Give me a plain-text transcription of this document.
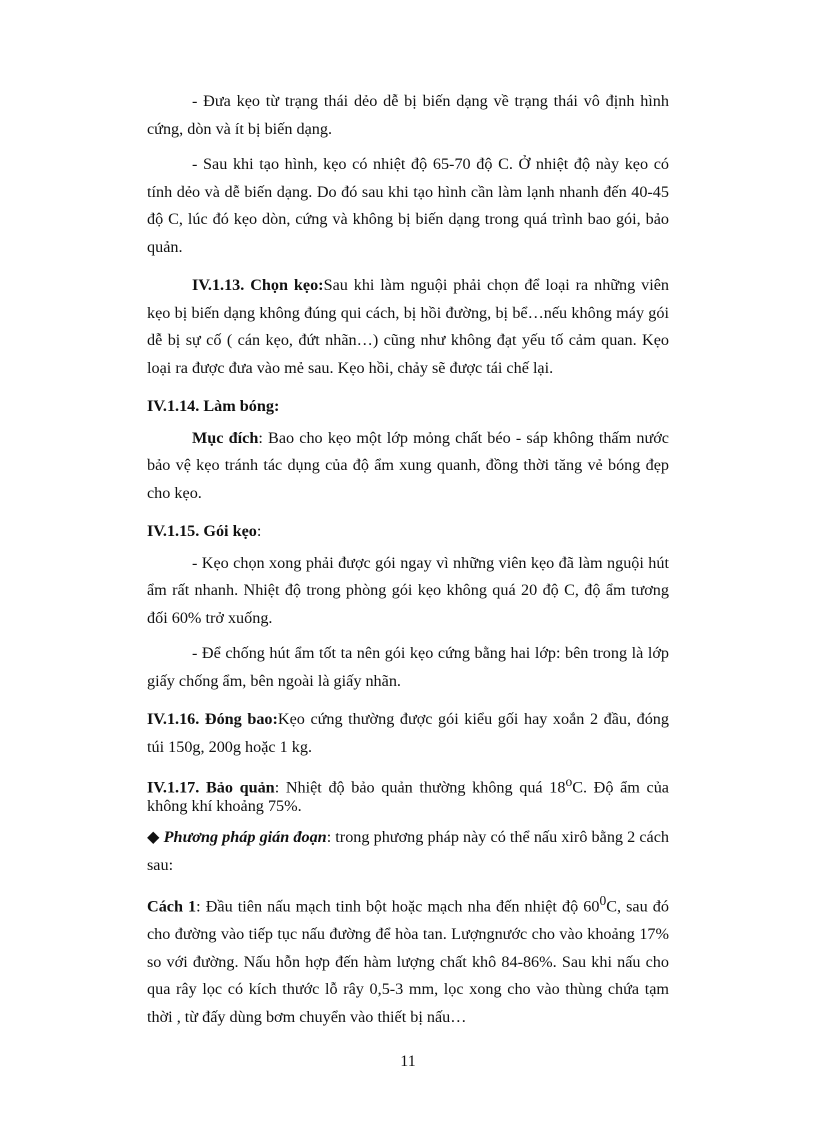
- Đưa kẹo từ trạng thái dẻo dễ bị biến dạng về trạng thái vô định hình cứng, dòn và ít bị biến dạng.

- Sau khi tạo hình, kẹo có nhiệt độ 65-70 độ C. Ở nhiệt độ này kẹo có tính dẻo và dễ biến dạng. Do đó sau khi tạo hình cần làm lạnh nhanh đến 40-45 độ C, lúc đó kẹo dòn, cứng và không bị biến dạng trong quá trình bao gói, bảo quản.

IV.1.13. Chọn kẹo:Sau khi làm nguội phải chọn để loại ra những viên kẹo bị biến dạng không đúng qui cách, bị hồi đường, bị bể…nếu không máy gói dễ bị sự cố ( cán kẹo, đứt nhãn…) cũng như không đạt yếu tố cảm quan. Kẹo loại ra được đưa vào mẻ sau. Kẹo hồi, chảy sẽ được tái chế lại.

IV.1.14. Làm bóng:

Mục đích: Bao cho kẹo một lớp mỏng chất béo - sáp không thấm nước bảo vệ kẹo tránh tác dụng của độ ẩm xung quanh, đồng thời tăng vẻ bóng đẹp cho kẹo.

IV.1.15. Gói kẹo:

- Kẹo chọn xong phải được gói ngay vì những viên kẹo đã làm nguội hút ẩm rất nhanh. Nhiệt độ trong phòng gói kẹo không quá 20 độ C, độ ẩm tương đối 60% trở xuống.

- Để chống hút ẩm tốt ta nên gói kẹo cứng bằng hai lớp: bên trong là lớp giấy chống ẩm, bên ngoài là giấy nhãn.

IV.1.16. Đóng bao:Kẹo cứng thường được gói kiểu gối hay xoắn 2 đầu, đóng túi 150g, 200g hoặc 1 kg.

IV.1.17. Bảo quản: Nhiệt độ bảo quản thường không quá 18$^o$C. Độ ẩm của không khí khoảng 75%.

◆ Phương pháp gián đoạn: trong phương pháp này có thể nấu xirô bằng 2 cách sau:

Cách 1: Đầu tiên nấu mạch tinh bột hoặc mạch nha đến nhiệt độ $60^0C$, sau đó cho đường vào tiếp tục nấu đường để hòa tan. Lượngnước cho vào khoảng 17% so với đường. Nấu hỗn hợp đến hàm lượng chất khô 84-86%. Sau khi nấu cho qua rây lọc có kích thước lỗ rây 0,5-3 mm, lọc xong cho vào thùng chứa tạm thời , từ đấy dùng bơm chuyển vào thiết bị nấu…

11
